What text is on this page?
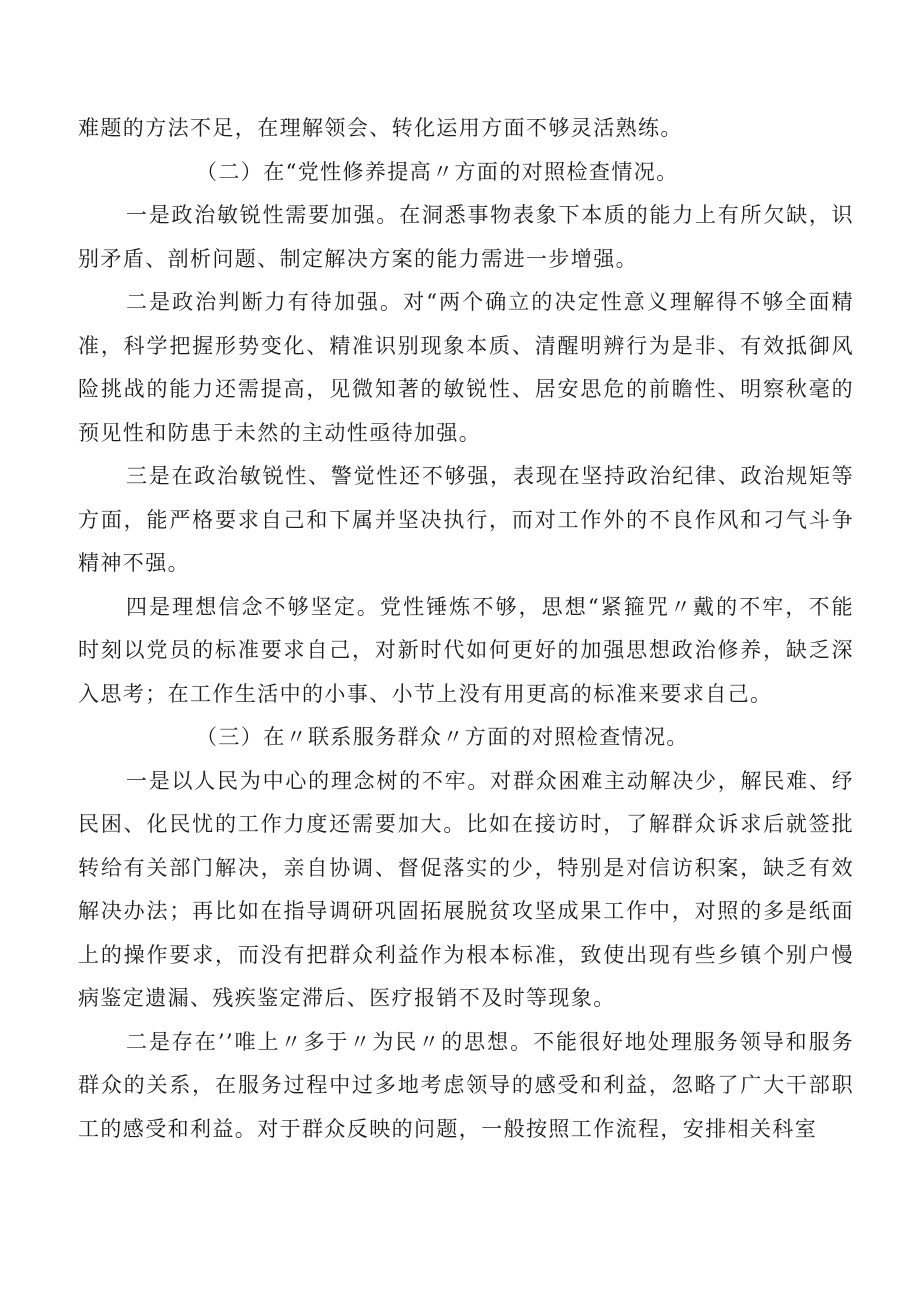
难题的方法不足，在理解领会、转化运用方面不够灵活熟练。

（二）在“党性修养提高〃方面的对照检查情况。

一是政治敏锐性需要加强。在洞悉事物表象下本质的能力上有所欠缺，识别矛盾、剖析问题、制定解决方案的能力需进一步增强。

二是政治判断力有待加强。对“两个确立的决定性意义理解得不够全面精准，科学把握形势变化、精准识别现象本质、清醒明辨行为是非、有效抵御风险挑战的能力还需提高，见微知著的敏锐性、居安思危的前瞻性、明察秋毫的预见性和防患于未然的主动性亟待加强。

三是在政治敏锐性、警觉性还不够强，表现在坚持政治纪律、政治规矩等方面，能严格要求自己和下属并坚决执行，而对工作外的不良作风和刁气斗争精神不强。

四是理想信念不够坚定。党性锤炼不够，思想“紧箍咒〃戴的不牢，不能时刻以党员的标准要求自己，对新时代如何更好的加强思想政治修养，缺乏深入思考；在工作生活中的小事、小节上没有用更高的标准来要求自己。

（三）在〃联系服务群众〃方面的对照检查情况。

一是以人民为中心的理念树的不牢。对群众困难主动解决少，解民难、纾民困、化民忧的工作力度还需要加大。比如在接访时，了解群众诉求后就签批转给有关部门解决，亲自协调、督促落实的少，特别是对信访积案，缺乏有效解决办法；再比如在指导调研巩固拓展脱贫攻坚成果工作中，对照的多是纸面上的操作要求，而没有把群众利益作为根本标准，致使出现有些乡镇个别户慢病鉴定遗漏、残疾鉴定滞后、医疗报销不及时等现象。

二是存在’’唯上〃多于〃为民〃的思想。不能很好地处理服务领导和服务群众的关系，在服务过程中过多地考虑领导的感受和利益，忽略了广大干部职工的感受和利益。对于群众反映的问题，一般按照工作流程，安排相关科室
